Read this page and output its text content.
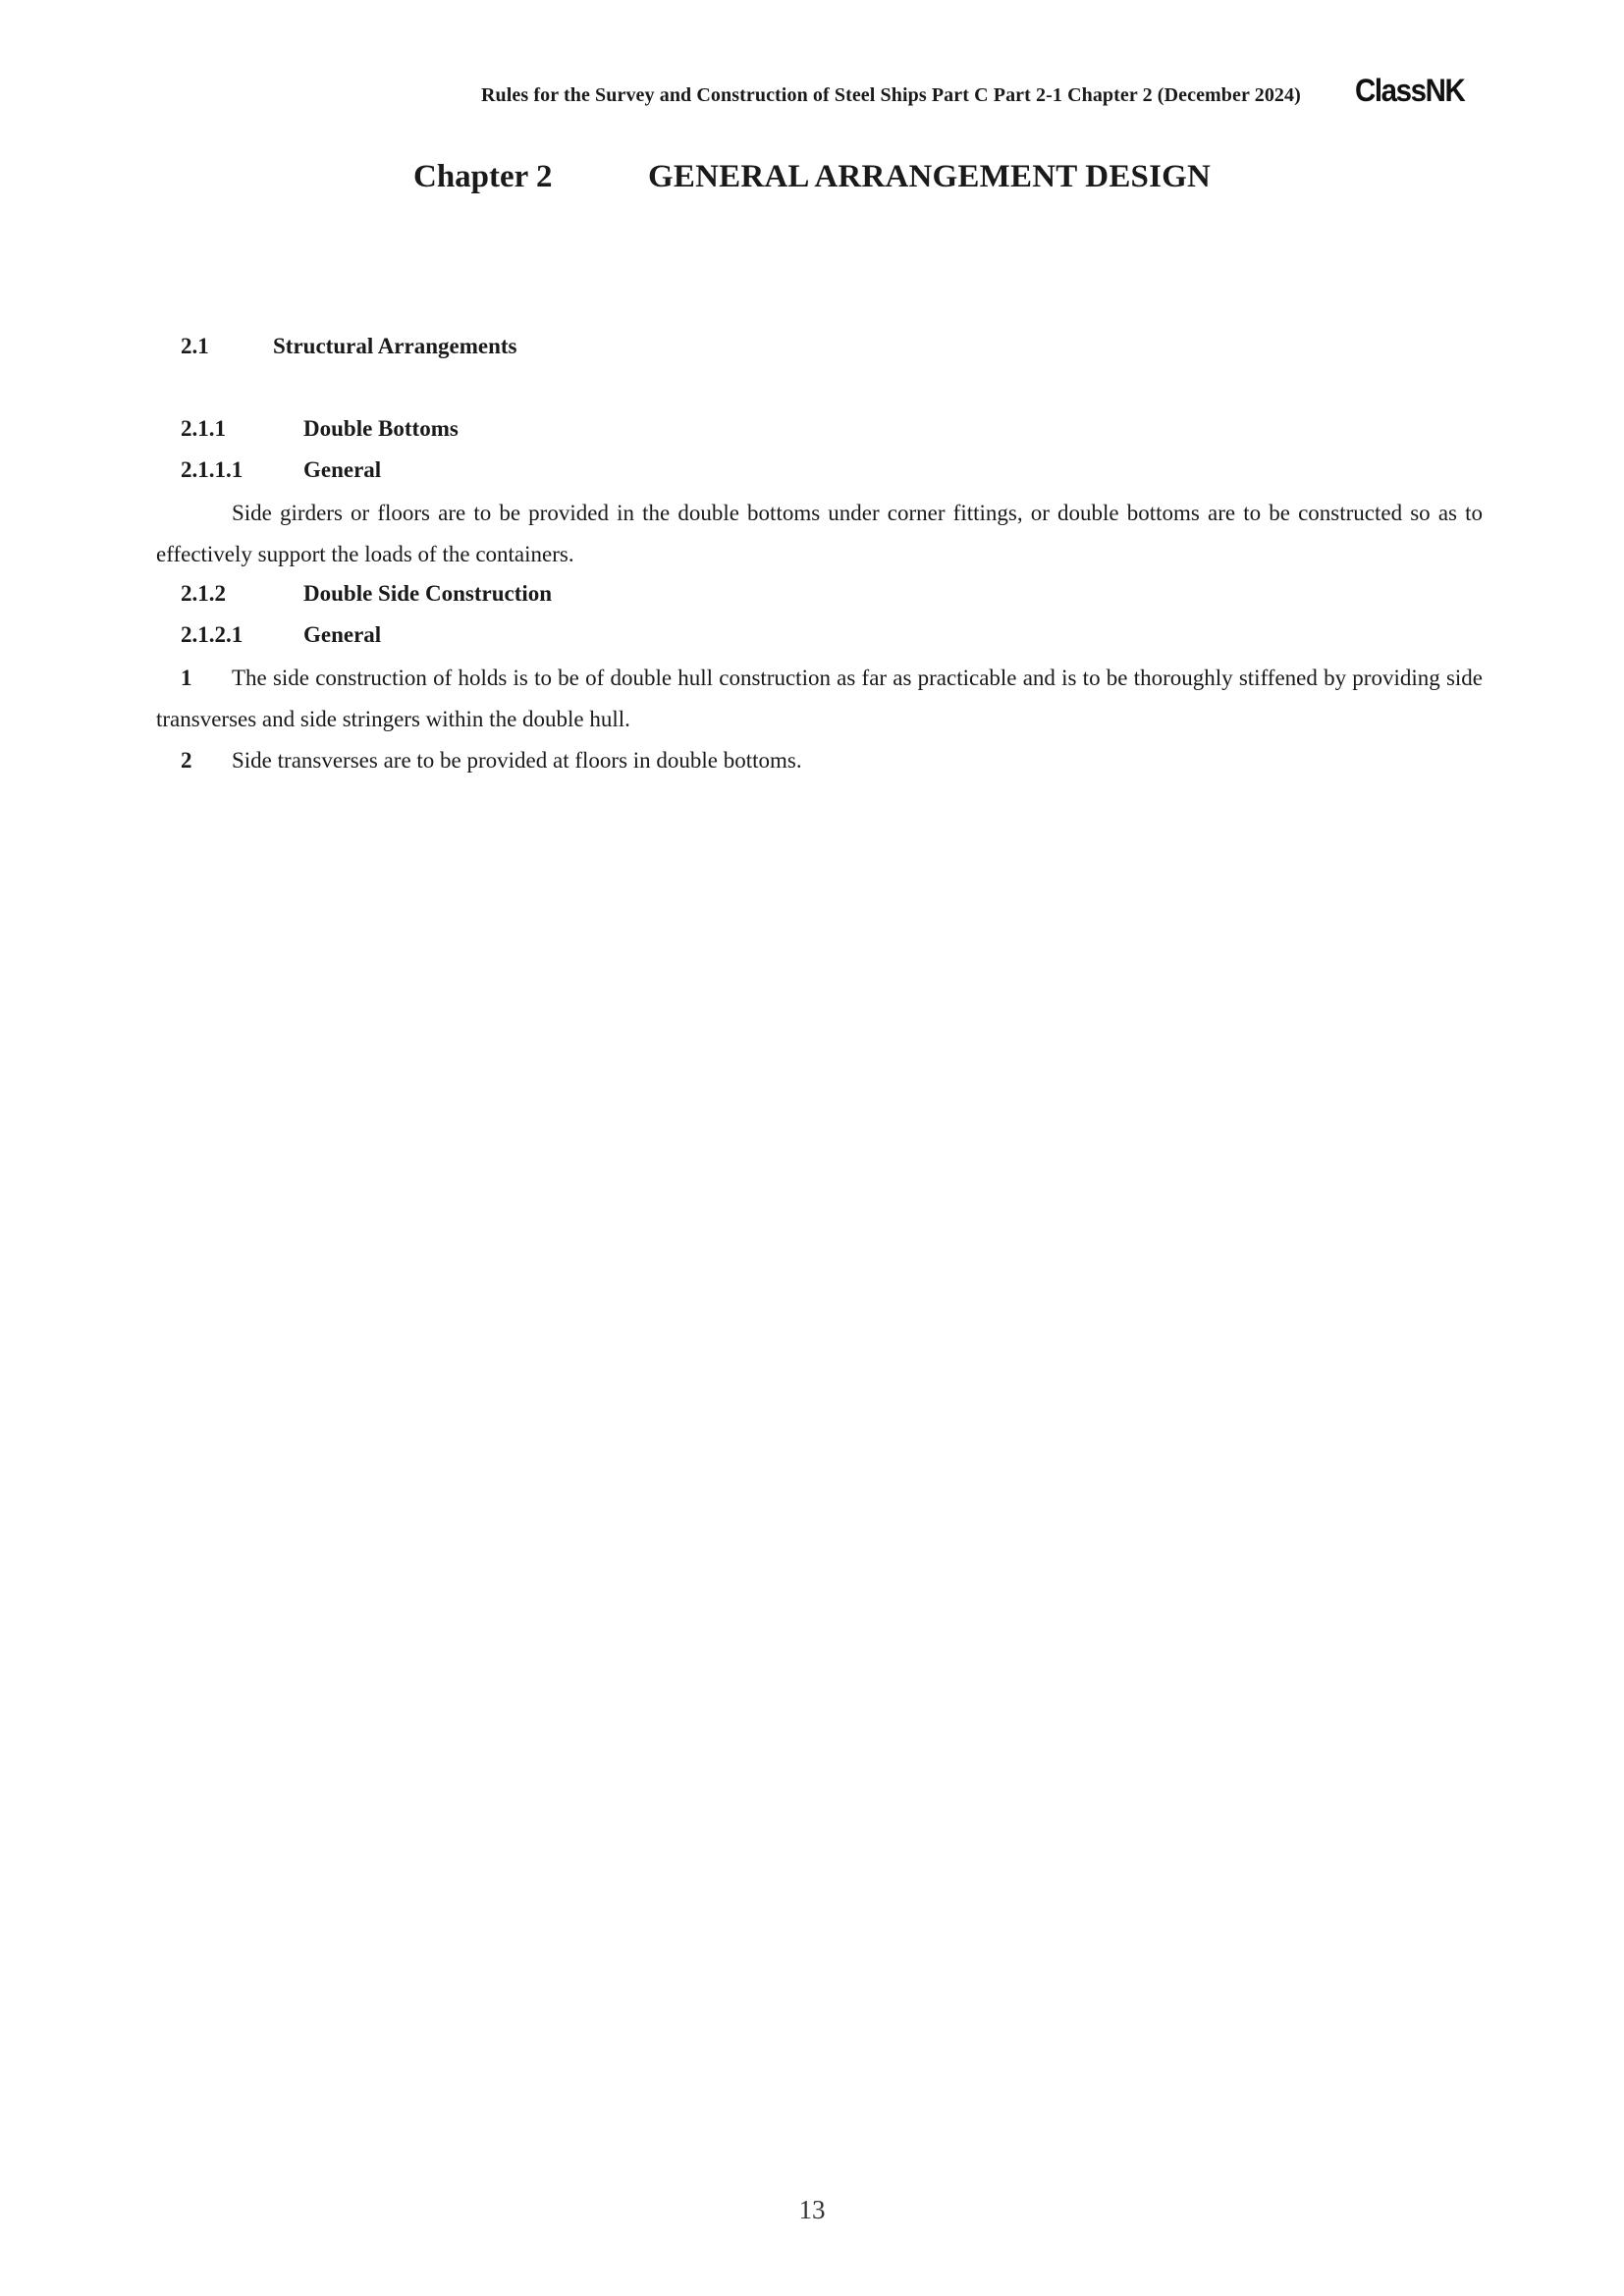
Rules for the Survey and Construction of Steel Ships Part C Part 2-1 Chapter 2 (December 2024) ClassNK
Chapter 2	GENERAL ARRANGEMENT DESIGN
2.1	Structural Arrangements
2.1.1	Double Bottoms
2.1.1.1	General
Side girders or floors are to be provided in the double bottoms under corner fittings, or double bottoms are to be constructed so as to effectively support the loads of the containers.
2.1.2	Double Side Construction
2.1.2.1	General
1 The side construction of holds is to be of double hull construction as far as practicable and is to be thoroughly stiffened by providing side transverses and side stringers within the double hull.
2 Side transverses are to be provided at floors in double bottoms.
13
